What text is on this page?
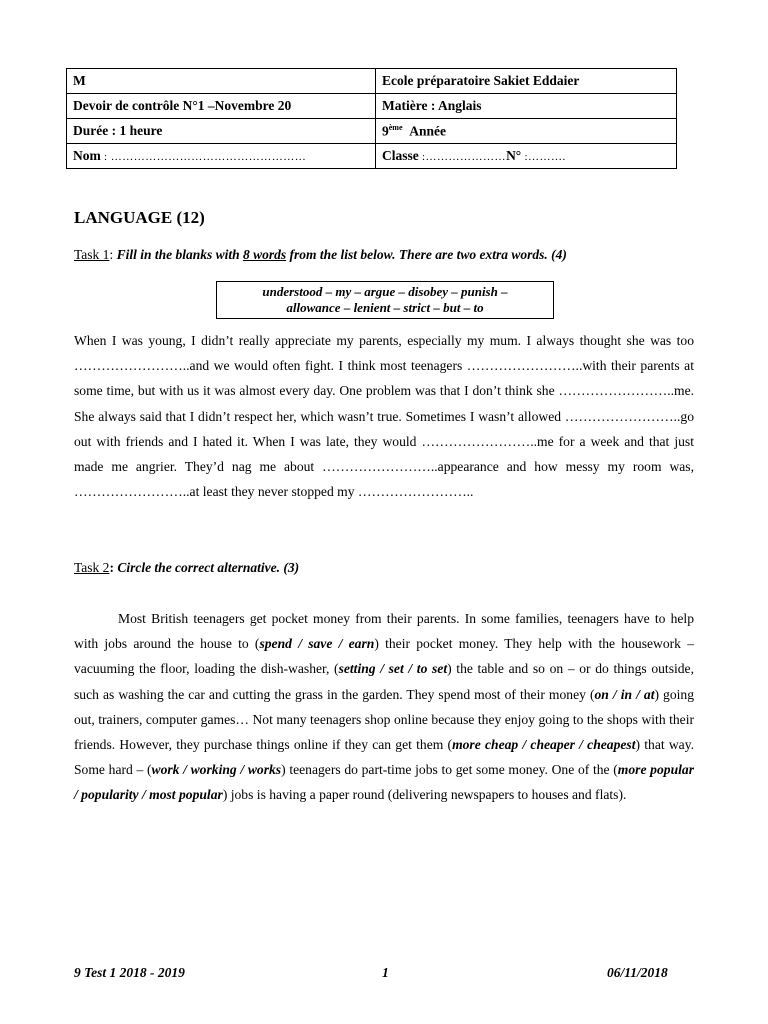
M	Ecole préparatoire Sakiet Eddaier
Devoir de contrôle N°1 –Novembre 20	Matière : Anglais
Durée : 1 heure	9ème Année
Nom : ……………………………………………	Classe :…………………N° :……….
LANGUAGE (12)
Task 1: Fill in the blanks with 8 words from the list below. There are two extra words. (4)
understood – my – argue – disobey – punish –
allowance – lenient – strict – but – to
When I was young, I didn’t really appreciate my parents, especially my mum. I always thought she was too ……………………..and we would often fight. I think most teenagers ……………………..with their parents at some time, but with us it was almost every day. One problem was that I don’t think she ……………………..me. She always said that I didn’t respect her, which wasn’t true. Sometimes I wasn’t allowed ……………………..go out with friends and I hated it. When I was late, they would ……………………..me for a week and that just made me angrier. They’d nag me about ……………………..appearance and how messy my room was, ……………………..at least they never stopped my ……………………..
Task 2: Circle the correct alternative. (3)
Most British teenagers get pocket money from their parents. In some families, teenagers have to help with jobs around the house to (spend / save / earn) their pocket money. They help with the housework – vacuuming the floor, loading the dish-washer, (setting / set / to set) the table and so on – or do things outside, such as washing the car and cutting the grass in the garden. They spend most of their money (on / in / at) going out, trainers, computer games… Not many teenagers shop online because they enjoy going to the shops with their friends. However, they purchase things online if they can get them (more cheap / cheaper / cheapest) that way. Some hard – (work / working / works) teenagers do part-time jobs to get some money. One of the (more popular / popularity / most popular) jobs is having a paper round (delivering newspapers to houses and flats).
9 Test 1 2018 - 2019	1	06/11/2018
